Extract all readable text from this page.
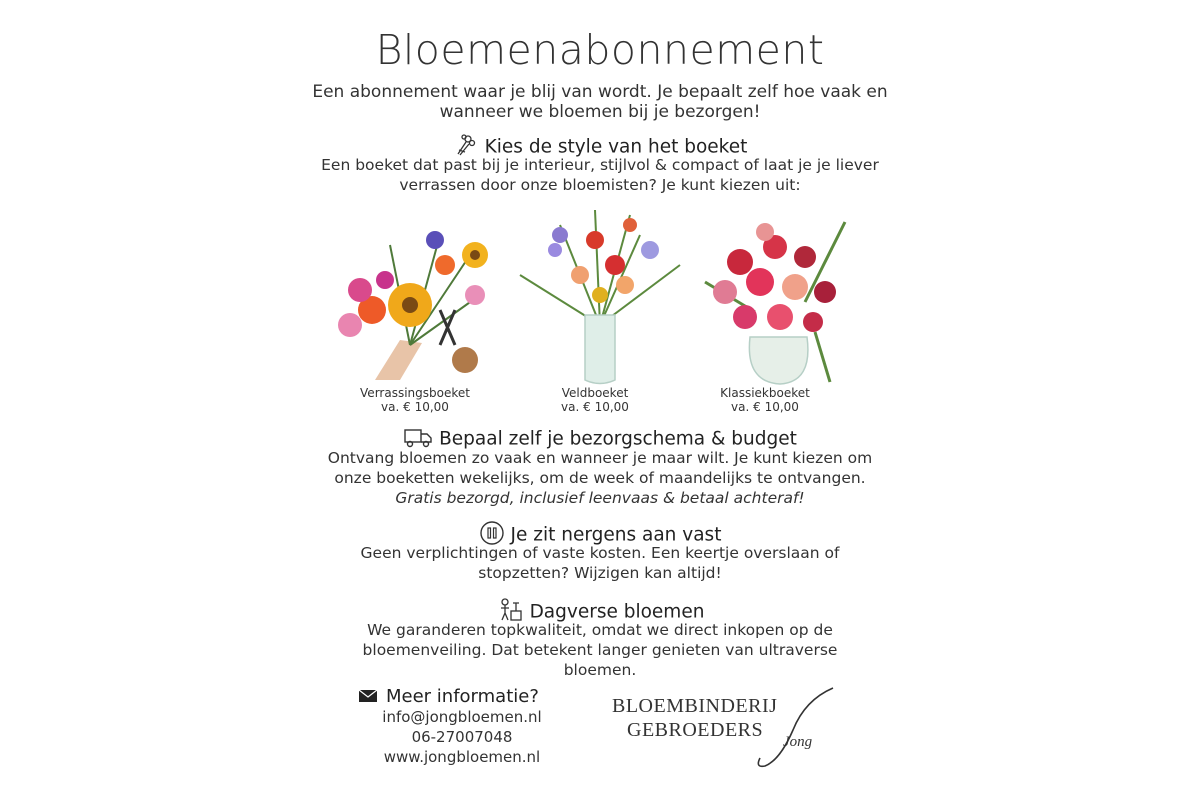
Bloemenabonnement
Een abonnement waar je blij van wordt. Je bepaalt zelf hoe vaak en wanneer we bloemen bij je bezorgen!
Kies de style van het boeket
Een boeket dat past bij je interieur, stijlvol & compact of laat je je liever verrassen door onze bloemisten? Je kunt kiezen uit:
Verrassingsboeket
va. € 10,00
Veldboeket
va. € 10,00
Klassiekboeket
va. € 10,00
Bepaal zelf je bezorgschema & budget
Ontvang bloemen zo vaak en wanneer je maar wilt. Je kunt kiezen om onze boeketten wekelijks, om de week of maandelijks te ontvangen.
Gratis bezorgd, inclusief leenvaas & betaal achteraf!
Je zit nergens aan vast
Geen verplichtingen of vaste kosten. Een keertje overslaan of stopzetten? Wijzigen kan altijd!
Dagverse bloemen
We garanderen topkwaliteit, omdat we direct inkopen op de bloemenveiling. Dat betekent langer genieten van ultraverse bloemen.
Meer informatie?
info@jongbloemen.nl
06-27007048
www.jongbloemen.nl
BLOEMBINDERIJ
GEBROEDERS
Jong
